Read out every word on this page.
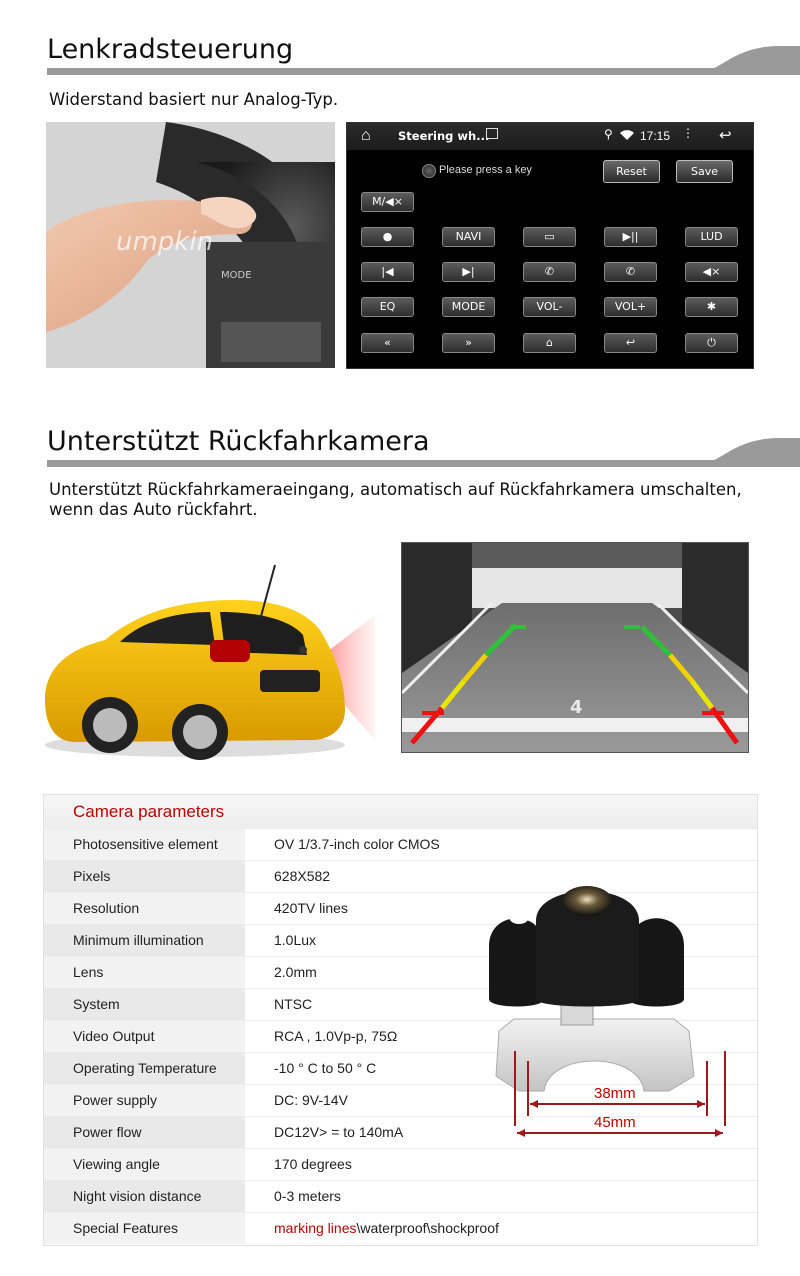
Lenkradsteuerung
Widerstand basiert nur Analog-Typ.
MODE
umpkin
⌂ Steering wh...	⚲ 17:15 ⋮ ↩
Please press a key	Reset	Save
M/◀×
●	NAVI	▭	▶||	LUD
|◀	▶|	✆	✆	◀×
EQ	MODE	VOL-	VOL+	✱
«	»	⌂	↩	⏻
Unterstützt Rückfahrkamera
Unterstützt Rückfahrkameraeingang, automatisch auf Rückfahrkamera umschalten,
wenn das Auto rückfahrt.
4
Camera parameters
Photosensitive element	OV 1/3.7-inch color CMOS
Pixels	628X582
Resolution	420TV lines
Minimum illumination	1.0Lux
Lens	2.0mm
System	NTSC
Video Output	RCA , 1.0Vp-p, 75Ω
Operating Temperature	-10 ° C to 50 ° C
Power supply	DC: 9V-14V
Power flow	DC12V> = to 140mA
Viewing angle	170 degrees
Night vision distance	0-3 meters
Special Features	marking lines\waterproof\shockproof
38mm
45mm
